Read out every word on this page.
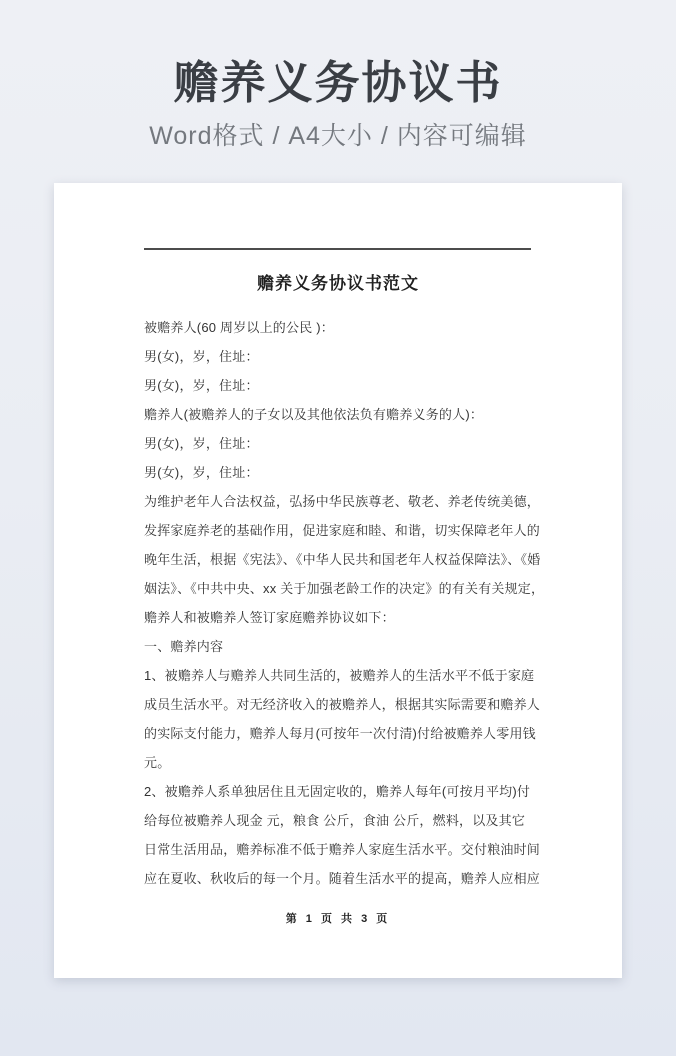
赡养义务协议书
Word格式 / A4大小 / 内容可编辑
赡养义务协议书范文
被赡养人(60 周岁以上的公民 )：
男(女)，岁，住址：
男(女)，岁，住址：
赡养人(被赡养人的子女以及其他依法负有赡养义务的人)：
男(女)，岁，住址：
男(女)，岁，住址：
为维护老年人合法权益，弘扬中华民族尊老、敬老、养老传统美德，
发挥家庭养老的基础作用，促进家庭和睦、和谐，切实保障老年人的
晚年生活，根据《宪法》、《中华人民共和国老年人权益保障法》、《婚
姻法》、《中共中央、xx 关于加强老龄工作的决定》的有关有关规定，
赡养人和被赡养人签订家庭赡养协议如下：
一、赡养内容
1、被赡养人与赡养人共同生活的，被赡养人的生活水平不低于家庭
成员生活水平。对无经济收入的被赡养人，根据其实际需要和赡养人
的实际支付能力，赡养人每月(可按年一次付清)付给被赡养人零用钱
元。
2、被赡养人系单独居住且无固定收的，赡养人每年(可按月平均)付
给每位被赡养人现金 元，粮食 公斤，食油 公斤，燃料，以及其它
日常生活用品，赡养标准不低于赡养人家庭生活水平。交付粮油时间
应在夏收、秋收后的每一个月。随着生活水平的提高，赡养人应相应
第 1 页 共 3 页
